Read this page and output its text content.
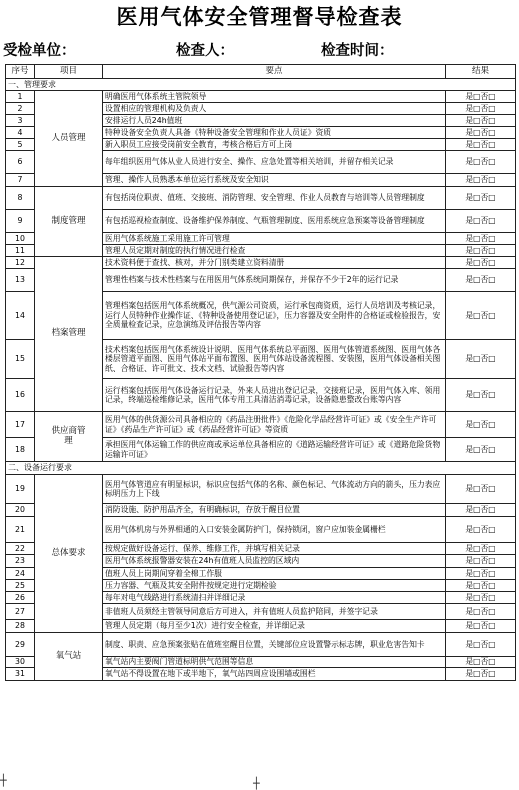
医用气体安全管理督导检查表
受检单位：	检查人：	检查时间：
序号	项目	要点	结果
一、管理要求			
1	人员管理	明确医用气体系统主管院领导	是□否□
2		设置相应的管理机构及负责人	是□否□
3		安排运行人员24h值班	是□否□
4		特种设备安全负责人具备《特种设备安全管理和作业人员证》资质	是□否□
5		新入职员工应接受岗前安全教育，考核合格后方可上岗	是□否□
6		每年组织医用气体从业人员进行安全、操作、应急处置等相关培训，并留存相关记录	是□否□
7		管理、操作人员熟悉本单位运行系统及安全知识	是□否□
8	制度管理	有包括岗位职责、值班、交接班、消防管理、安全管理、作业人员教育与培训等人员管理制度	是□否□
9		有包括巡视检查制度、设备维护保养制度、气瓶管理制度、医用系统应急预案等设备管理制度	是□否□
10		医用气体系统施工采用施工许可管理	是□否□
11		管理人员定期对制度的执行情况进行检查	是□否□
12	档案管理	技术资料便于查找、核对，并分门别类建立资料清册	是□否□
13		管理性档案与技术性档案与在用医用气体系统同期保存，并保存不少于2年的运行记录	是□否□
14		管理档案包括医用气体系统概况，供气源公司资质，运行承包商资质，运行人员培训及考核记录，运行人员特种作业操作证、《特种设备使用登记证》，压力容器及安全附件的合格证或检验报告，安全质量检查记录，应急演练及评估报告等内容	是□否□
15		技术档案包括医用气体系统设计说明、医用气体系统总平面图、医用气体管道系统图、医用气体各楼层管道平面图、医用气体站平面布置图、医用气体站设备流程图、安装图，医用气体设备相关图纸、合格证、许可批文、技术文档、试验报告等内容	是□否□
16		运行档案包括医用气体设备运行记录，外来人员进出登记记录，交接班记录，医用气体入库、领用记录，终端巡检维修记录，医用气体专用工具清洁消毒记录，设备隐患整改台账等内容	是□否□
17	供应商管理	医用气体的供货源公司具备相应的《药品注册批件》《危险化学品经营许可证》或《安全生产许可证》《药品生产许可证》或《药品经营许可证》等资质	是□否□
18		承担医用气体运输工作的供应商或承运单位具备相应的《道路运输经营许可证》或《道路危险货物运输许可证》	是□否□
二、设备运行要求			
19	总体要求	医用气体管道应有明显标识，标识应包括气体的名称、颜色标记、气体流动方向的箭头，压力表应标明压力上下线	是□否□
20		消防设施、防护用品齐全，有明确标识，存放于醒目位置	是□否□
21		医用气体机房与外界相通的入口安装金属防护门，保持锁闭，窗户应加装金属栅栏	是□否□
22		按规定做好设备运行、保养、维修工作，并填写相关记录	是□否□
23		医用气体系统报警器安装在24h有值班人员监控的区域内	是□否□
24		值班人员上岗期间穿着全棉工作服	是□否□
25		压力容器、气瓶及其安全附件按规定进行定期检验	是□否□
26		每年对电气线路进行系统清扫并详细记录	是□否□
27		非值班人员须经主管领导同意后方可进入，并有值班人员监护陪同，并签字记录	是□否□
28		管理人员定期（每月至少1次）进行安全检查，并详细记录	是□否□
29	氧气站	制度、职责、应急预案张贴在值班室醒目位置，关键部位应设置警示标志牌，职业危害告知卡	是□否□
30		氧气站内主要阀门管道标明供气范围等信息	是□否□
31		氧气站不得设置在地下或半地下，氧气站四周应设围墙或围栏	是□否□
┼	┼
